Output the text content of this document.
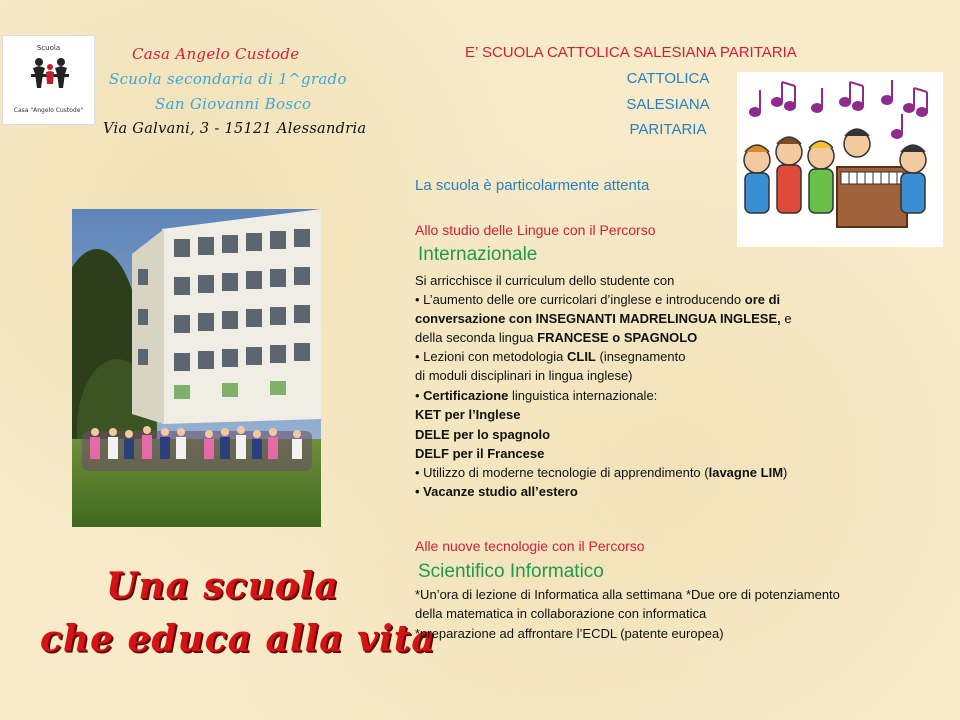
Scuola
Casa "Angelo Custode"
Casa Angelo Custode
Scuola secondaria di 1^grado
San Giovanni Bosco
Via Galvani, 3 - 15121 Alessandria
E’ SCUOLA CATTOLICA SALESIANA PARITARIA
CATTOLICA
SALESIANA
PARITARIA
Una scuola
che educa alla vita
La scuola è particolarmente attenta
Allo studio delle Lingue con il Percorso
Internazionale
Si arricchisce il curriculum dello studente con
• L’aumento delle ore curricolari d’inglese e introducendo ore di
conversazione con INSEGNANTI MADRELINGUA INGLESE, e
della seconda lingua FRANCESE o SPAGNOLO
• Lezioni con metodologia CLIL (insegnamento
di moduli disciplinari in lingua inglese)
• Certificazione linguistica internazionale:
KET per l’Inglese
DELE per lo spagnolo
DELF per il Francese
• Utilizzo di moderne tecnologie di apprendimento (lavagne LIM)
• Vacanze studio all’estero
Alle nuove tecnologie con il Percorso
Scientifico Informatico
*Un’ora di lezione di Informatica alla settimana *Due ore di potenziamento
della matematica in collaborazione con informatica
*preparazione ad affrontare l’ECDL (patente europea)
